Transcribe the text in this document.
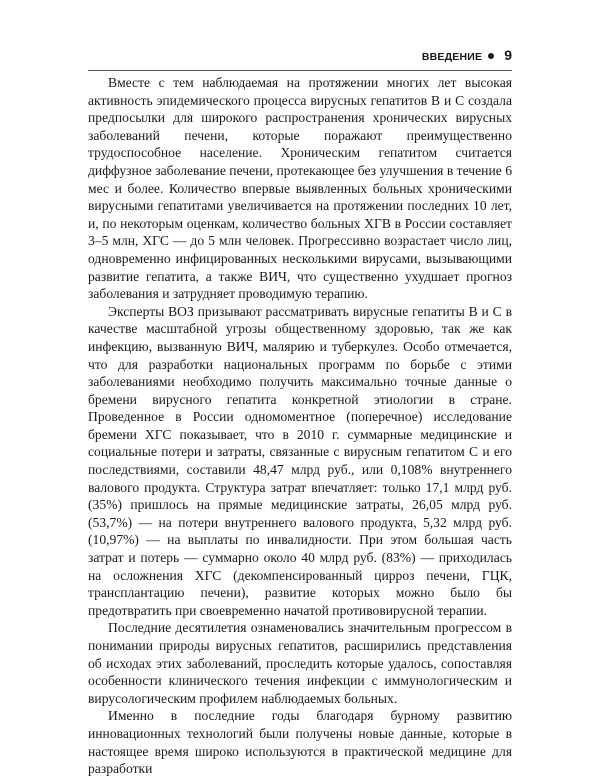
ВВЕДЕНИЕ 9

Вместе с тем наблюдаемая на протяжении многих лет высокая активность эпидемического процесса вирусных гепатитов В и С создала предпосылки для широкого распространения хронических вирусных заболеваний печени, которые поражают преимущественно трудоспособное население. Хроническим гепатитом считается диффузное заболевание печени, протекающее без улучшения в течение 6 мес и более. Количество впервые выявленных больных хроническими вирусными гепатитами увеличивается на протяжении последних 10 лет, и, по некоторым оценкам, количество больных ХГВ в России составляет 3–5 млн, ХГС — до 5 млн человек. Прогрессивно возрастает число лиц, одновременно инфицированных несколькими вирусами, вызывающими развитие гепатита, а также ВИЧ, что существенно ухудшает прогноз заболевания и затрудняет проводимую терапию.

Эксперты ВОЗ призывают рассматривать вирусные гепатиты В и С в качестве масштабной угрозы общественному здоровью, так же как инфекцию, вызванную ВИЧ, малярию и туберкулез. Особо отмечается, что для разработки национальных программ по борьбе с этими заболеваниями необходимо получить максимально точные данные о бремени вирусного гепатита конкретной этиологии в стране. Проведенное в России одномоментное (поперечное) исследование бремени ХГС показывает, что в 2010 г. суммарные медицинские и социальные потери и затраты, связанные с вирусным гепатитом С и его последствиями, составили 48,47 млрд руб., или 0,108% внутреннего валового продукта. Структура затрат впечатляет: только 17,1 млрд руб. (35%) пришлось на прямые медицинские затраты, 26,05 млрд руб. (53,7%) — на потери внутреннего валового продукта, 5,32 млрд руб. (10,97%) — на выплаты по инвалидности. При этом большая часть затрат и потерь — суммарно около 40 млрд руб. (83%) — приходилась на осложнения ХГС (декомпенсированный цирроз печени, ГЦК, трансплантацию печени), развитие которых можно было бы предотвратить при своевременно начатой противовирусной терапии.

Последние десятилетия ознаменовались значительным прогрессом в понимании природы вирусных гепатитов, расширились представления об исходах этих заболеваний, проследить которые удалось, сопоставляя особенности клинического течения инфекции с иммунологическим и вирусологическим профилем наблюдаемых больных.

Именно в последние годы благодаря бурному развитию инновационных технологий были получены новые данные, которые в настоящее время широко используются в практической медицине для разработки
